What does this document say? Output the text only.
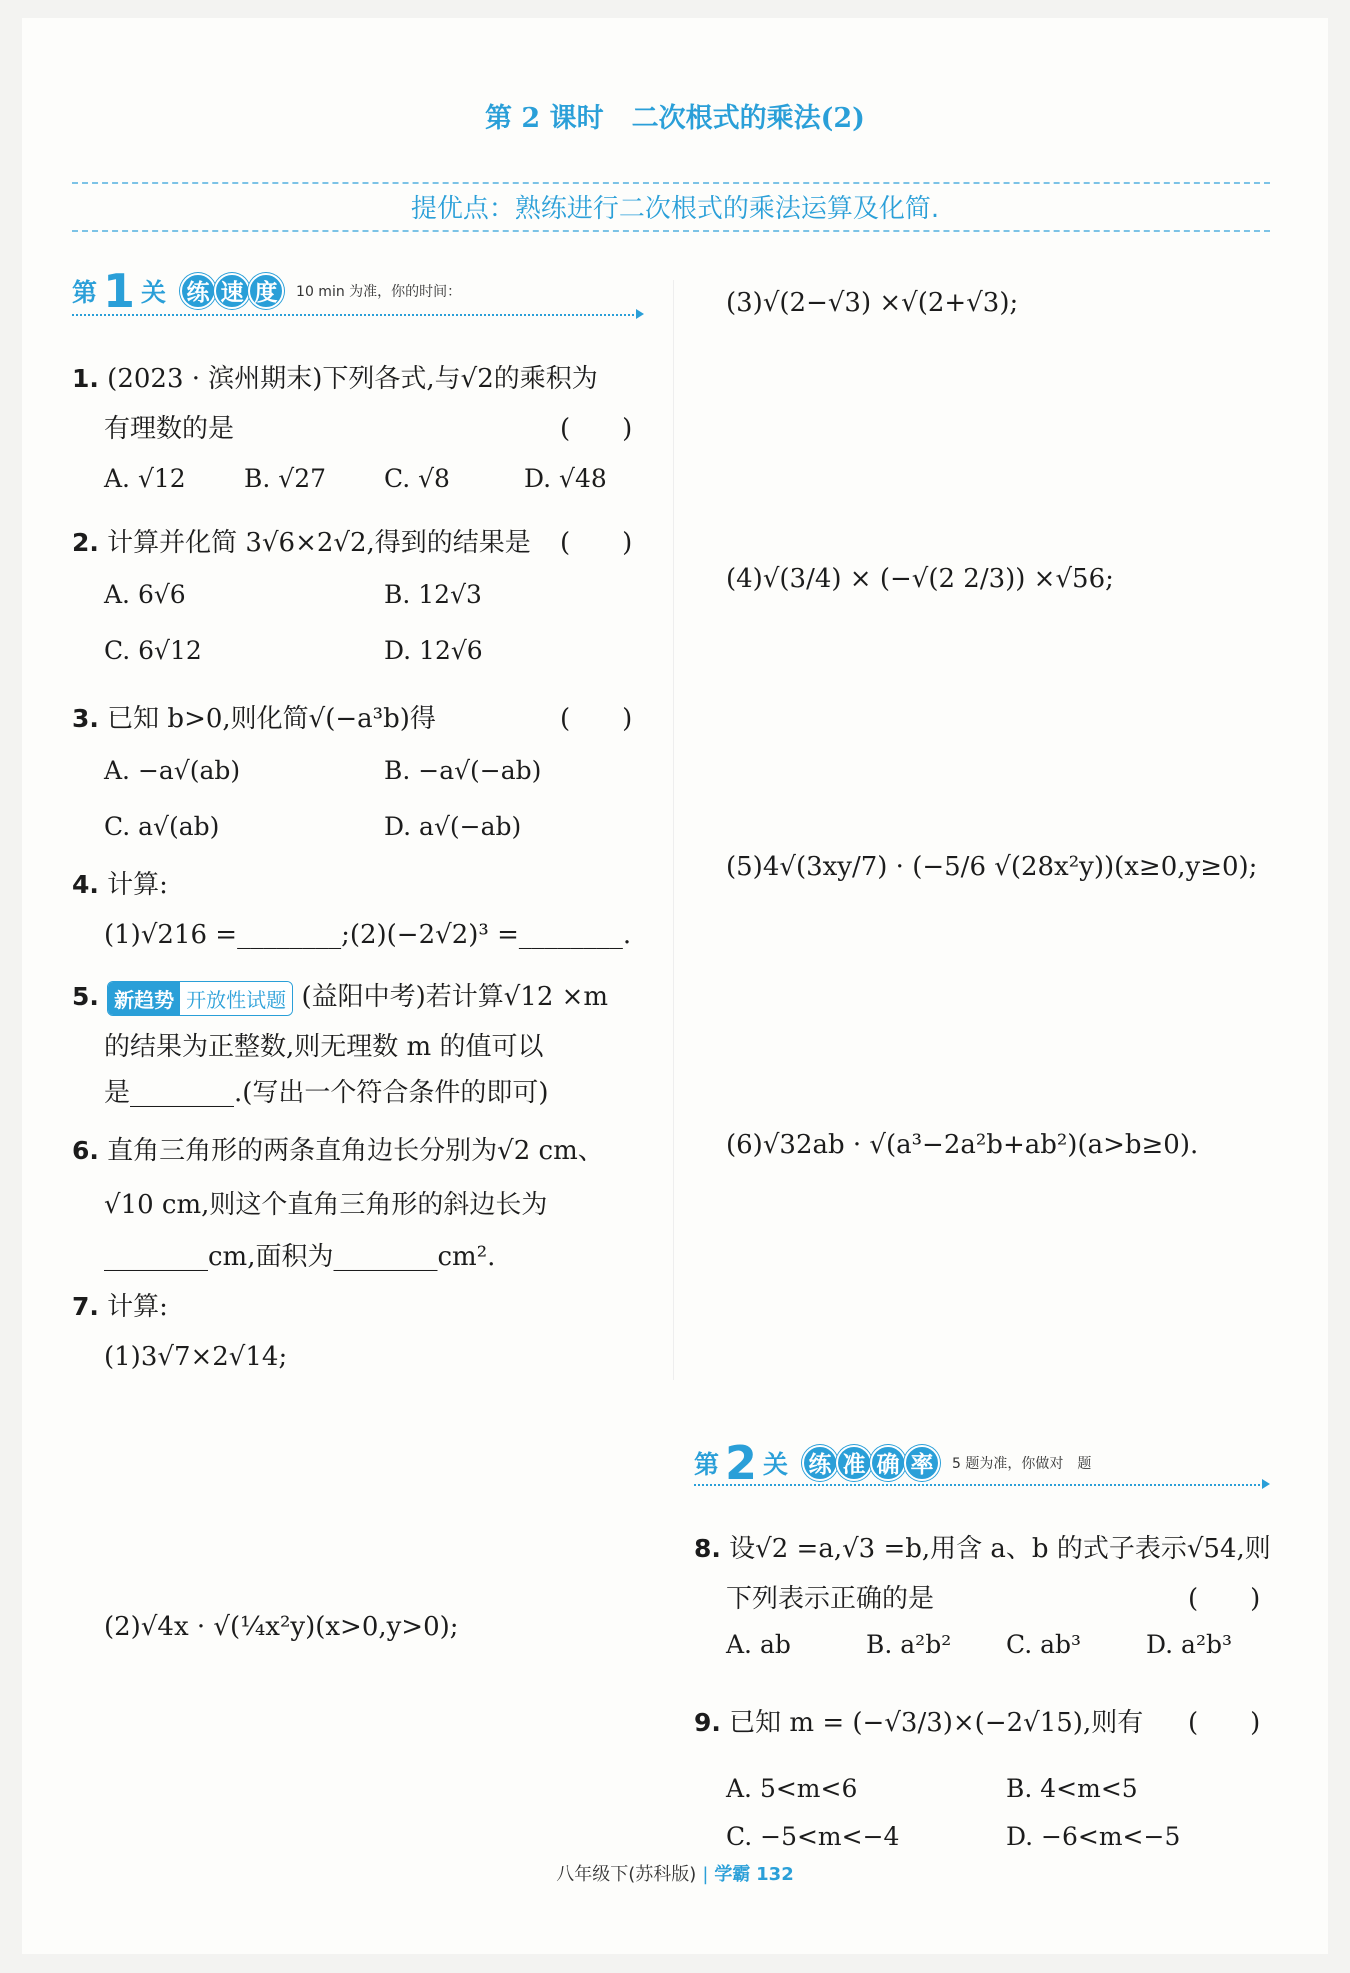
第 2 课时 二次根式的乘法(2)
提优点：熟练进行二次根式的乘法运算及化简.
第 1 关 练 速 度	10 min 为准，你的时间：
1. (2023 · 滨州期末)下列各式,与√2的乘积为
有理数的是	(　　)
A. √12 B. √27 C. √8	D. √48
2. 计算并化简 3√6×2√2,得到的结果是 (　　)
A. 6√6	B. 12√3
C. 6√12	D. 12√6
3. 已知 b>0,则化简√(−a³b)得	(　　)
A. −a√(ab)	B. −a√(−ab)
C. a√(ab)	D. a√(−ab)
4. 计算:
(1)√216 =________;(2)(−2√2)³ =________.
5. 新趋势 开放性试题 (益阳中考)若计算√12 ×m
的结果为正整数,则无理数 m 的值可以
是________.(写出一个符合条件的即可)
6. 直角三角形的两条直角边长分别为√2 cm、
√10 cm,则这个直角三角形的斜边长为
________cm,面积为________cm².
7. 计算:
(1)3√7×2√14;
(2)√4x · √(¼x²y)(x>0,y>0);
(3)√(2−√3) ×√(2+√3);
(4)√(3/4) × (−√(2 2/3)) ×√56;
(5)4√(3xy/7) · (−5/6 √(28x²y))(x≥0,y≥0);
(6)√32ab · √(a³−2a²b+ab²)(a>b≥0).
第 2 关 练 准 确 率	5 题为准，你做对　题
8. 设√2 =a,√3 =b,用含 a、b 的式子表示√54,则
下列表示正确的是	(　　)
A. ab	B. a²b² C. ab³	D. a²b³
9. 已知 m = (−√3/3)×(−2√15),则有 (　　)
A. 5<m<6	B. 4<m<5
C. −5<m<−4	D. −6<m<−5
八年级下(苏科版) | 学霸 132
